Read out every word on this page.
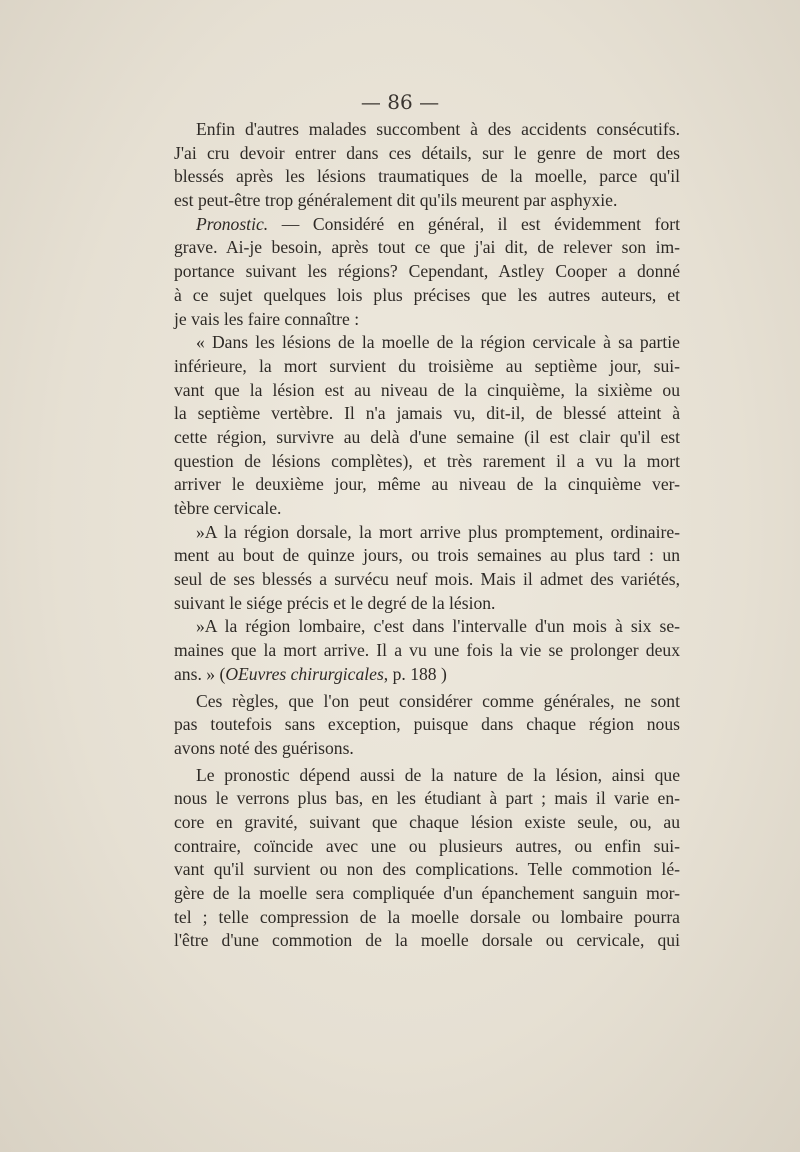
— 86 —
Enfin d'autres malades succombent à des accidents consécutifs.
J'ai cru devoir entrer dans ces détails, sur le genre de mort des
blessés après les lésions traumatiques de la moelle, parce qu'il
est peut-être trop généralement dit qu'ils meurent par asphyxie.
Pronostic. — Considéré en général, il est évidemment fort
grave. Ai-je besoin, après tout ce que j'ai dit, de relever son im-
portance suivant les régions? Cependant, Astley Cooper a donné
à ce sujet quelques lois plus précises que les autres auteurs, et
je vais les faire connaître :
« Dans les lésions de la moelle de la région cervicale à sa partie
inférieure, la mort survient du troisième au septième jour, sui-
vant que la lésion est au niveau de la cinquième, la sixième ou
la septième vertèbre. Il n'a jamais vu, dit-il, de blessé atteint à
cette région, survivre au delà d'une semaine (il est clair qu'il est
question de lésions complètes), et très rarement il a vu la mort
arriver le deuxième jour, même au niveau de la cinquième ver-
tèbre cervicale.
»A la région dorsale, la mort arrive plus promptement, ordinaire-
ment au bout de quinze jours, ou trois semaines au plus tard : un
seul de ses blessés a survécu neuf mois. Mais il admet des variétés,
suivant le siége précis et le degré de la lésion.
»A la région lombaire, c'est dans l'intervalle d'un mois à six se-
maines que la mort arrive. Il a vu une fois la vie se prolonger deux
ans. » (OEuvres chirurgicales, p. 188 )
Ces règles, que l'on peut considérer comme générales, ne sont
pas toutefois sans exception, puisque dans chaque région nous
avons noté des guérisons.
Le pronostic dépend aussi de la nature de la lésion, ainsi que
nous le verrons plus bas, en les étudiant à part ; mais il varie en-
core en gravité, suivant que chaque lésion existe seule, ou, au
contraire, coïncide avec une ou plusieurs autres, ou enfin sui-
vant qu'il survient ou non des complications. Telle commotion lé-
gère de la moelle sera compliquée d'un épanchement sanguin mor-
tel ; telle compression de la moelle dorsale ou lombaire pourra
l'être d'une commotion de la moelle dorsale ou cervicale, qui
